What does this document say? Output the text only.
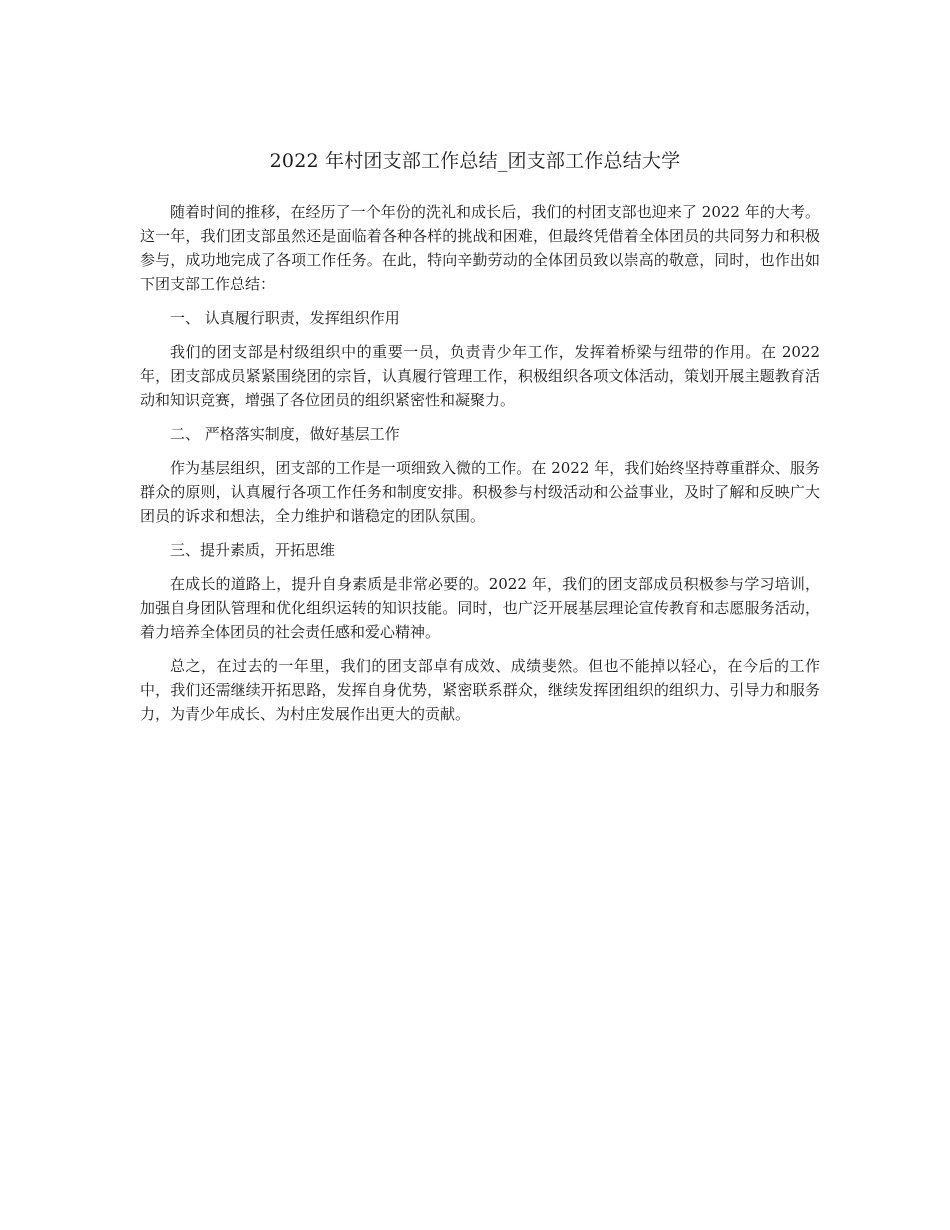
2022 年村团支部工作总结_团支部工作总结大学

随着时间的推移，在经历了一个年份的洗礼和成长后，我们的村团支部也迎来了 2022 年的大考。这一年，我们团支部虽然还是面临着各种各样的挑战和困难，但最终凭借着全体团员的共同努力和积极参与，成功地完成了各项工作任务。在此，特向辛勤劳动的全体团员致以崇高的敬意，同时，也作出如下团支部工作总结：

一、 认真履行职责，发挥组织作用

我们的团支部是村级组织中的重要一员，负责青少年工作，发挥着桥梁与纽带的作用。在 2022 年，团支部成员紧紧围绕团的宗旨，认真履行管理工作，积极组织各项文体活动，策划开展主题教育活动和知识竞赛，增强了各位团员的组织紧密性和凝聚力。

二、 严格落实制度，做好基层工作

作为基层组织，团支部的工作是一项细致入微的工作。在 2022 年，我们始终坚持尊重群众、服务群众的原则，认真履行各项工作任务和制度安排。积极参与村级活动和公益事业，及时了解和反映广大团员的诉求和想法，全力维护和谐稳定的团队氛围。

三、提升素质，开拓思维

在成长的道路上，提升自身素质是非常必要的。2022 年，我们的团支部成员积极参与学习培训，加强自身团队管理和优化组织运转的知识技能。同时，也广泛开展基层理论宣传教育和志愿服务活动，着力培养全体团员的社会责任感和爱心精神。

总之，在过去的一年里，我们的团支部卓有成效、成绩斐然。但也不能掉以轻心，在今后的工作中，我们还需继续开拓思路，发挥自身优势，紧密联系群众，继续发挥团组织的组织力、引导力和服务力，为青少年成长、为村庄发展作出更大的贡献。
